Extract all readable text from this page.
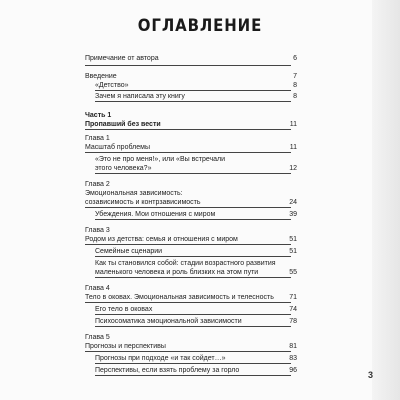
ОГЛАВЛЕНИЕ
Примечание от автора	6
Введение	7
«Детство»	8
Зачем я написала эту книгу	8
Часть 1
Пропавший без вести	11
Глава 1
Масштаб проблемы	11
«Это не про меня!», или «Вы встречали
этого человека?»	12
Глава 2
Эмоциональная зависимость:
созависимость и контрзависимость	24
Убеждения. Мои отношения с миром	39
Глава 3
Родом из детства: семья и отношения с миром	51
Семейные сценарии	51
Как ты становился собой: стадии возрастного развития
маленького человека и роль близких на этом пути	55
Глава 4
Тело в оковах. Эмоциональная зависимость и телесность 71
Его тело в оковах	74
Психосоматика эмоциональной зависимости	78
Глава 5
Прогнозы и перспективы	81
Прогнозы при подходе «и так сойдет…»	83
Перспективы, если взять проблему за горло	96	3
